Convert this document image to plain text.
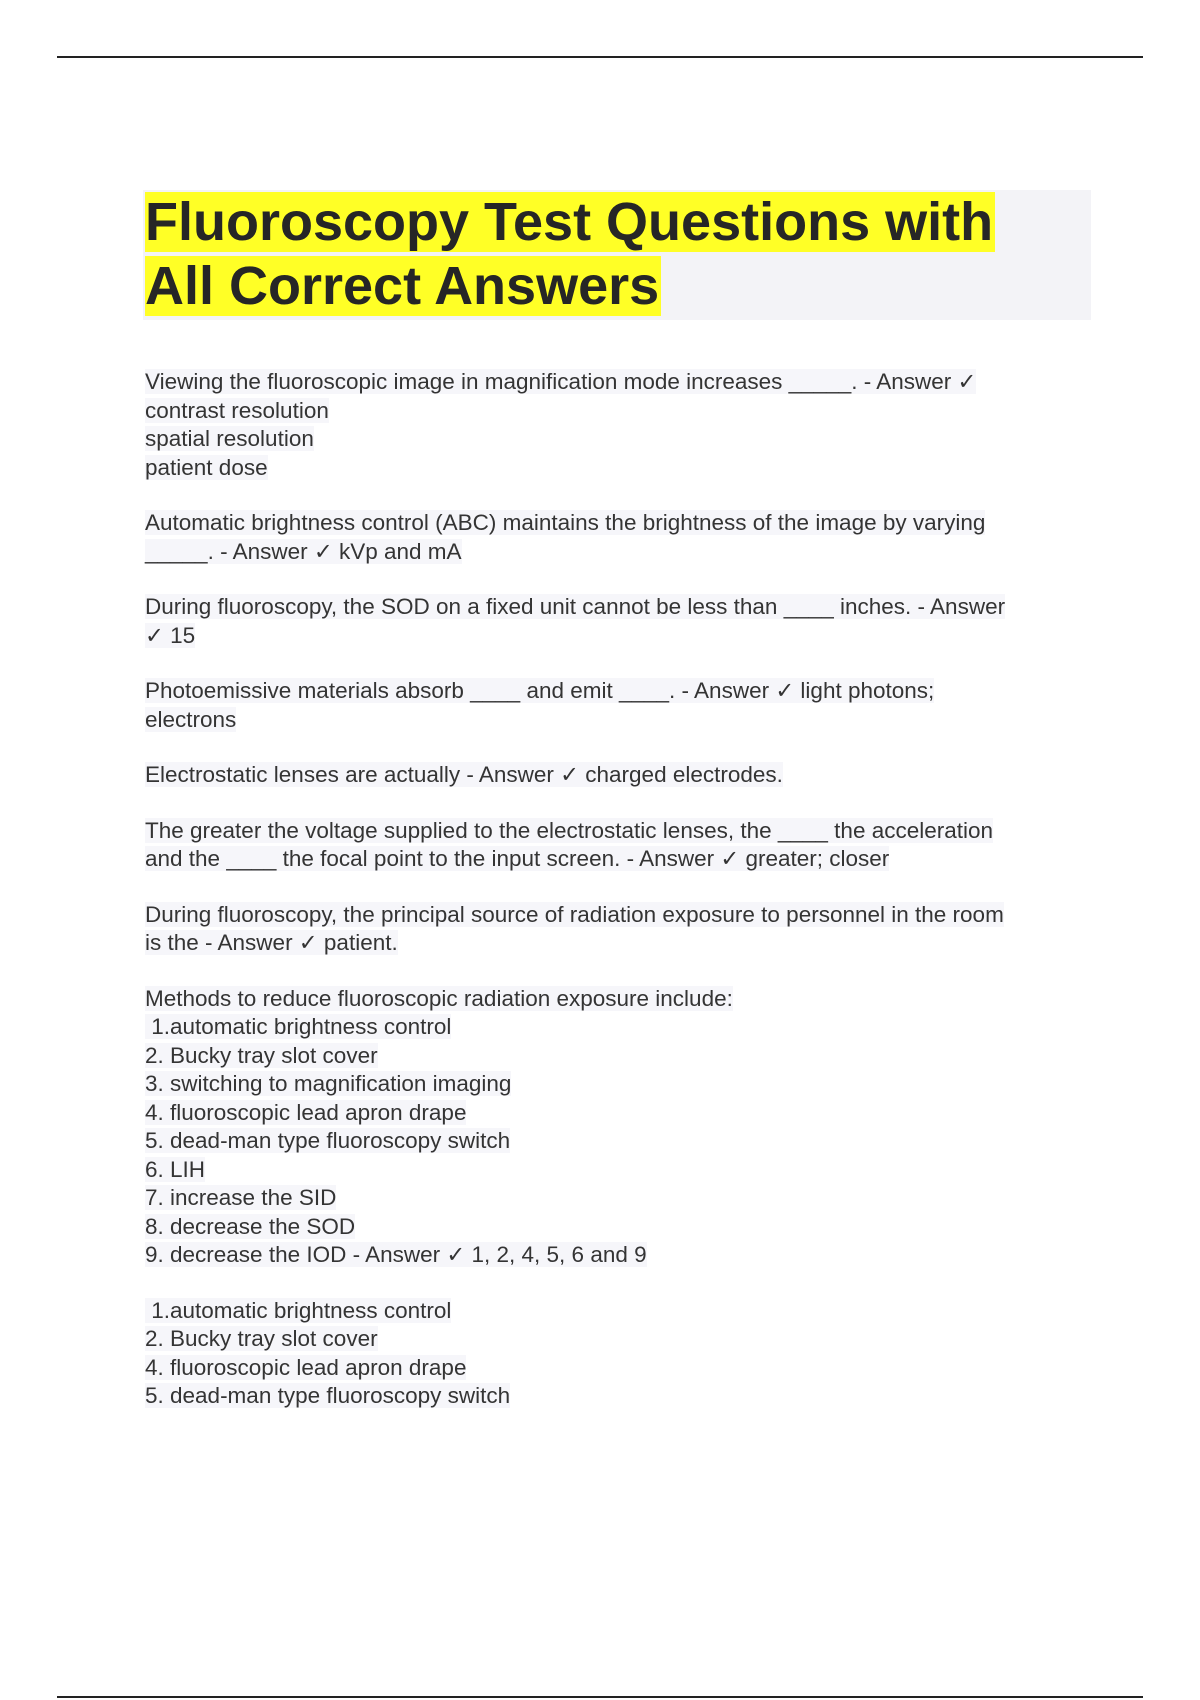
Fluoroscopy Test Questions with
All Correct Answers
Viewing the fluoroscopic image in magnification mode increases _____. - Answer ✓
contrast resolution
spatial resolution
patient dose
Automatic brightness control (ABC) maintains the brightness of the image by varying
_____. - Answer ✓ kVp and mA
During fluoroscopy, the SOD on a fixed unit cannot be less than ____ inches. - Answer
✓ 15
Photoemissive materials absorb ____ and emit ____. - Answer ✓ light photons;
electrons
Electrostatic lenses are actually - Answer ✓ charged electrodes.
The greater the voltage supplied to the electrostatic lenses, the ____ the acceleration
and the ____ the focal point to the input screen. - Answer ✓ greater; closer
During fluoroscopy, the principal source of radiation exposure to personnel in the room
is the - Answer ✓ patient.
Methods to reduce fluoroscopic radiation exposure include:
1.automatic brightness control
2. Bucky tray slot cover
3. switching to magnification imaging
4. fluoroscopic lead apron drape
5. dead-man type fluoroscopy switch
6. LIH
7. increase the SID
8. decrease the SOD
9. decrease the IOD - Answer ✓ 1, 2, 4, 5, 6 and 9
1.automatic brightness control
2. Bucky tray slot cover
4. fluoroscopic lead apron drape
5. dead-man type fluoroscopy switch
